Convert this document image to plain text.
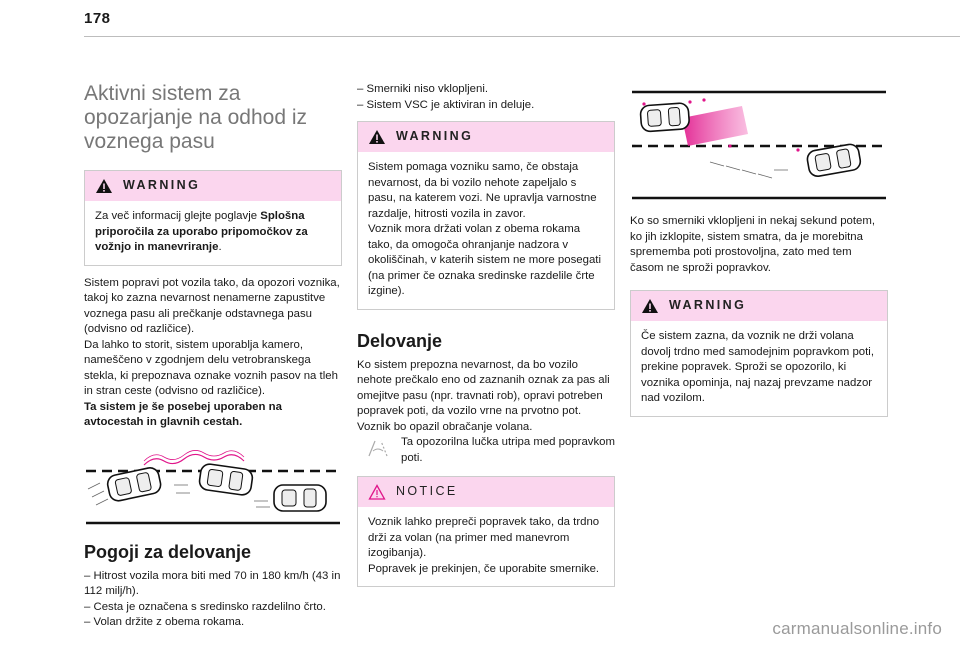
178
Aktivni sistem za opozarjanje na odhod iz voznega pasu
WARNING

Za več informacij glejte poglavje Splošna priporočila za uporabo pripomočkov za vožnjo in manevriranje.

Sistem popravi pot vozila tako, da opozori voznika, takoj ko zazna nevarnost nenamerne zapustitve voznega pasu ali prečkanje odstavnega pasu (odvisno od različice).

Da lahko to storit, sistem uporablja kamero, nameščeno v zgodnjem delu vetrobranskega stekla, ki prepoznava oznake voznih pasov na tleh in stran ceste (odvisno od različice).

Ta sistem je še posebej uporaben na avtocestah in glavnih cestah.

Pogoji za delovanje
– Hitrost vozila mora biti med 70 in 180 km/h (43 in 112 milj/h).
– Cesta je označena s sredinsko razdelilno črto.
– Volan držite z obema rokama.
– Smerniki niso vklopljeni.
– Sistem VSC je aktiviran in deluje.
WARNING

Sistem pomaga vozniku samo, če obstaja nevarnost, da bi vozilo nehote zapeljalo s pasu, na katerem vozi. Ne upravlja varnostne razdalje, hitrosti vozila in zavor.

Voznik mora držati volan z obema rokama tako, da omogoča ohranjanje nadzora v okoliščinah, v katerih sistem ne more posegati (na primer če oznaka sredinske razdelile črte izgine).

Delovanje

Ko sistem prepozna nevarnost, da bo vozilo nehote prečkalo eno od zaznanih oznak za pas ali omejitve pasu (npr. travnati rob), opravi potreben popravek poti, da vozilo vrne na prvotno pot.

Voznik bo opazil obračanje volana.

Ta opozorilna lučka utripa med popravkom poti.
NOTICE

Voznik lahko prepreči popravek tako, da trdno drži za volan (na primer med manevrom izogibanja).

Popravek je prekinjen, če uporabite smernike.

Ko so smerniki vklopljeni in nekaj sekund potem, ko jih izklopite, sistem smatra, da je morebitna sprememba poti prostovoljna, zato med tem časom ne sproži popravkov.

WARNING

Če sistem zazna, da voznik ne drži volana dovolj trdno med samodejnim popravkom poti, prekine popravek. Sproži se opozorilo, ki voznika opominja, naj nazaj prevzame nadzor nad vozilom.

carmanualsonline.info
